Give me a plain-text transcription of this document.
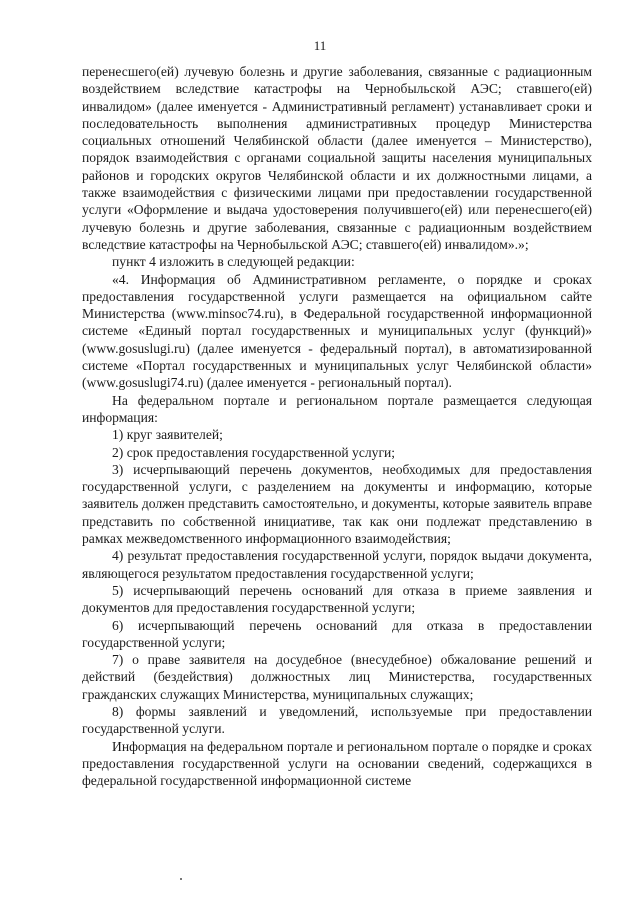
11

перенесшего(ей) лучевую болезнь и другие заболевания, связанные с радиационным воздействием вследствие катастрофы на Чернобыльской АЭС; ставшего(ей) инвалидом» (далее именуется - Административный регламент) устанавливает сроки и последовательность выполнения административных процедур Министерства социальных отношений Челябинской области (далее именуется – Министерство), порядок взаимодействия с органами социальной защиты населения муниципальных районов и городских округов Челябинской области и их должностными лицами, а также взаимодействия с физическими лицами при предоставлении государственной услуги «Оформление и выдача удостоверения получившего(ей) или перенесшего(ей) лучевую болезнь и другие заболевания, связанные с радиационным воздействием вследствие катастрофы на Чернобыльской АЭС; ставшего(ей) инвалидом».»;

пункт 4 изложить в следующей редакции:

«4. Информация об Административном регламенте, о порядке и сроках предоставления государственной услуги размещается на официальном сайте Министерства (www.minsoc74.ru), в Федеральной государственной информационной системе «Единый портал государственных и муниципальных услуг (функций)» (www.gosuslugi.ru) (далее именуется - федеральный портал), в автоматизированной системе «Портал государственных и муниципальных услуг Челябинской области» (www.gosuslugi74.ru) (далее именуется - региональный портал).

На федеральном портале и региональном портале размещается следующая информация:

1) круг заявителей;

2) срок предоставления государственной услуги;

3) исчерпывающий перечень документов, необходимых для предоставления государственной услуги, с разделением на документы и информацию, которые заявитель должен представить самостоятельно, и документы, которые заявитель вправе представить по собственной инициативе, так как они подлежат представлению в рамках межведомственного информационного взаимодействия;

4) результат предоставления государственной услуги, порядок выдачи документа, являющегося результатом предоставления государственной услуги;

5) исчерпывающий перечень оснований для отказа в приеме заявления и документов для предоставления государственной услуги;

6) исчерпывающий перечень оснований для отказа в предоставлении государственной услуги;

7) о праве заявителя на досудебное (внесудебное) обжалование решений и действий (бездействия) должностных лиц Министерства, государственных гражданских служащих Министерства, муниципальных служащих;

8) формы заявлений и уведомлений, используемые при предоставлении государственной услуги.

Информация на федеральном портале и региональном портале о порядке и сроках предоставления государственной услуги на основании сведений, содержащихся в федеральной государственной информационной системе
